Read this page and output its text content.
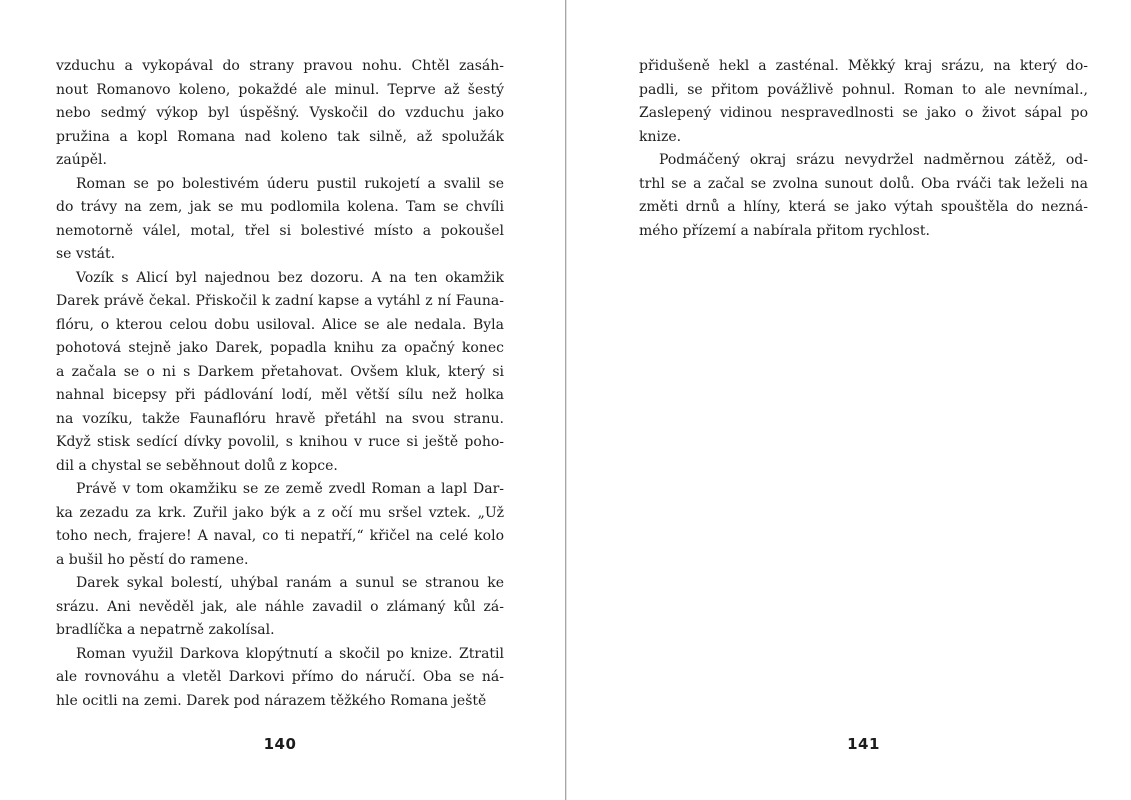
vzduchu a vykopával do strany pravou nohu. Chtěl zasáh-
nout Romanovo koleno, pokaždé ale minul. Teprve až šestý
nebo sedmý výkop byl úspěšný. Vyskočil do vzduchu jako
pružina a kopl Romana nad koleno tak silně, až spolužák
zaúpěl.
Roman se po bolestivém úderu pustil rukojetí a svalil se
do trávy na zem, jak se mu podlomila kolena. Tam se chvíli
nemotorně válel, motal, třel si bolestivé místo a pokoušel
se vstát.
Vozík s Alicí byl najednou bez dozoru. A na ten okamžik
Darek právě čekal. Přiskočil k zadní kapse a vytáhl z ní Fauna-
flóru, o kterou celou dobu usiloval. Alice se ale nedala. Byla
pohotová stejně jako Darek, popadla knihu za opačný konec
a začala se o ni s Darkem přetahovat. Ovšem kluk, který si
nahnal bicepsy při pádlování lodí, měl větší sílu než holka
na vozíku, takže Faunaflóru hravě přetáhl na svou stranu.
Když stisk sedící dívky povolil, s knihou v ruce si ještě poho-
dil a chystal se seběhnout dolů z kopce.
Právě v tom okamžiku se ze země zvedl Roman a lapl Dar-
ka zezadu za krk. Zuřil jako býk a z očí mu sršel vztek. „Už
toho nech, frajere! A naval, co ti nepatří,“ křičel na celé kolo
a bušil ho pěstí do ramene.
Darek sykal bolestí, uhýbal ranám a sunul se stranou ke
srázu. Ani nevěděl jak, ale náhle zavadil o zlámaný kůl zá-
bradlíčka a nepatrně zakolísal.
Roman využil Darkova klopýtnutí a skočil po knize. Ztratil
ale rovnováhu a vletěl Darkovi přímo do náručí. Oba se ná-
hle ocitli na zemi. Darek pod nárazem těžkého Romana ještě
140
přidušeně hekl a zasténal. Měkký kraj srázu, na který do-
padli, se přitom povážlivě pohnul. Roman to ale nevnímal.,
Zaslepený vidinou nespravedlnosti se jako o život sápal po
knize.
Podmáčený okraj srázu nevydržel nadměrnou zátěž, od-
trhl se a začal se zvolna sunout dolů. Oba rváči tak leželi na
změti drnů a hlíny, která se jako výtah spouštěla do nezná-
mého přízemí a nabírala přitom rychlost.
141
